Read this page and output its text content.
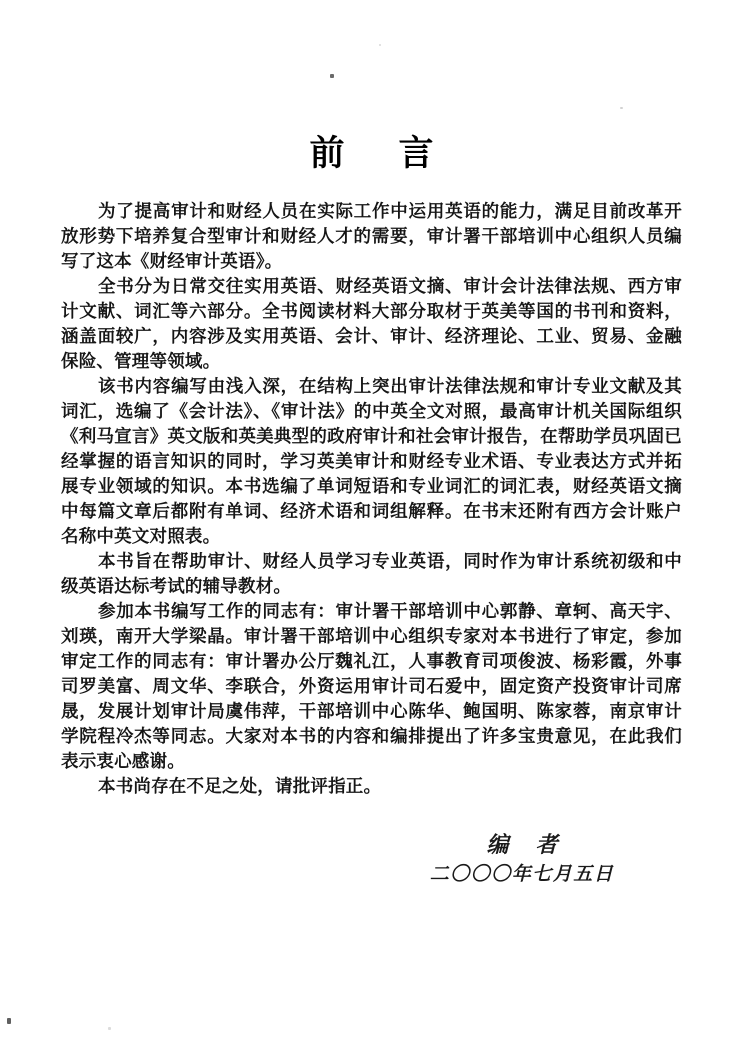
前言
为了提高审计和财经人员在实际工作中运用英语的能力，满足目前改革开
放形势下培养复合型审计和财经人才的需要，审计署干部培训中心组织人员编
写了这本《财经审计英语》。
全书分为日常交往实用英语、财经英语文摘、审计会计法律法规、西方审
计文献、词汇等六部分。全书阅读材料大部分取材于英美等国的书刊和资料，
涵盖面较广，内容涉及实用英语、会计、审计、经济理论、工业、贸易、金融
保险、管理等领域。
该书内容编写由浅入深，在结构上突出审计法律法规和审计专业文献及其
词汇，选编了《会计法》、《审计法》的中英全文对照，最高审计机关国际组织
《利马宣言》英文版和英美典型的政府审计和社会审计报告，在帮助学员巩固已
经掌握的语言知识的同时，学习英美审计和财经专业术语、专业表达方式并拓
展专业领域的知识。本书选编了单词短语和专业词汇的词汇表，财经英语文摘
中每篇文章后都附有单词、经济术语和词组解释。在书末还附有西方会计账户
名称中英文对照表。
本书旨在帮助审计、财经人员学习专业英语，同时作为审计系统初级和中
级英语达标考试的辅导教材。
参加本书编写工作的同志有：审计署干部培训中心郭静、章轲、高天宇、
刘瑛，南开大学梁晶。审计署干部培训中心组织专家对本书进行了审定，参加
审定工作的同志有：审计署办公厅魏礼江，人事教育司项俊波、杨彩霞，外事
司罗美富、周文华、李联合，外资运用审计司石爱中，固定资产投资审计司席
晟，发展计划审计局虞伟萍，干部培训中心陈华、鲍国明、陈家蓉，南京审计
学院程冷杰等同志。大家对本书的内容和编排提出了许多宝贵意见，在此我们
表示衷心感谢。
本书尚存在不足之处，请批评指正。
编者
二〇〇〇年七月五日
